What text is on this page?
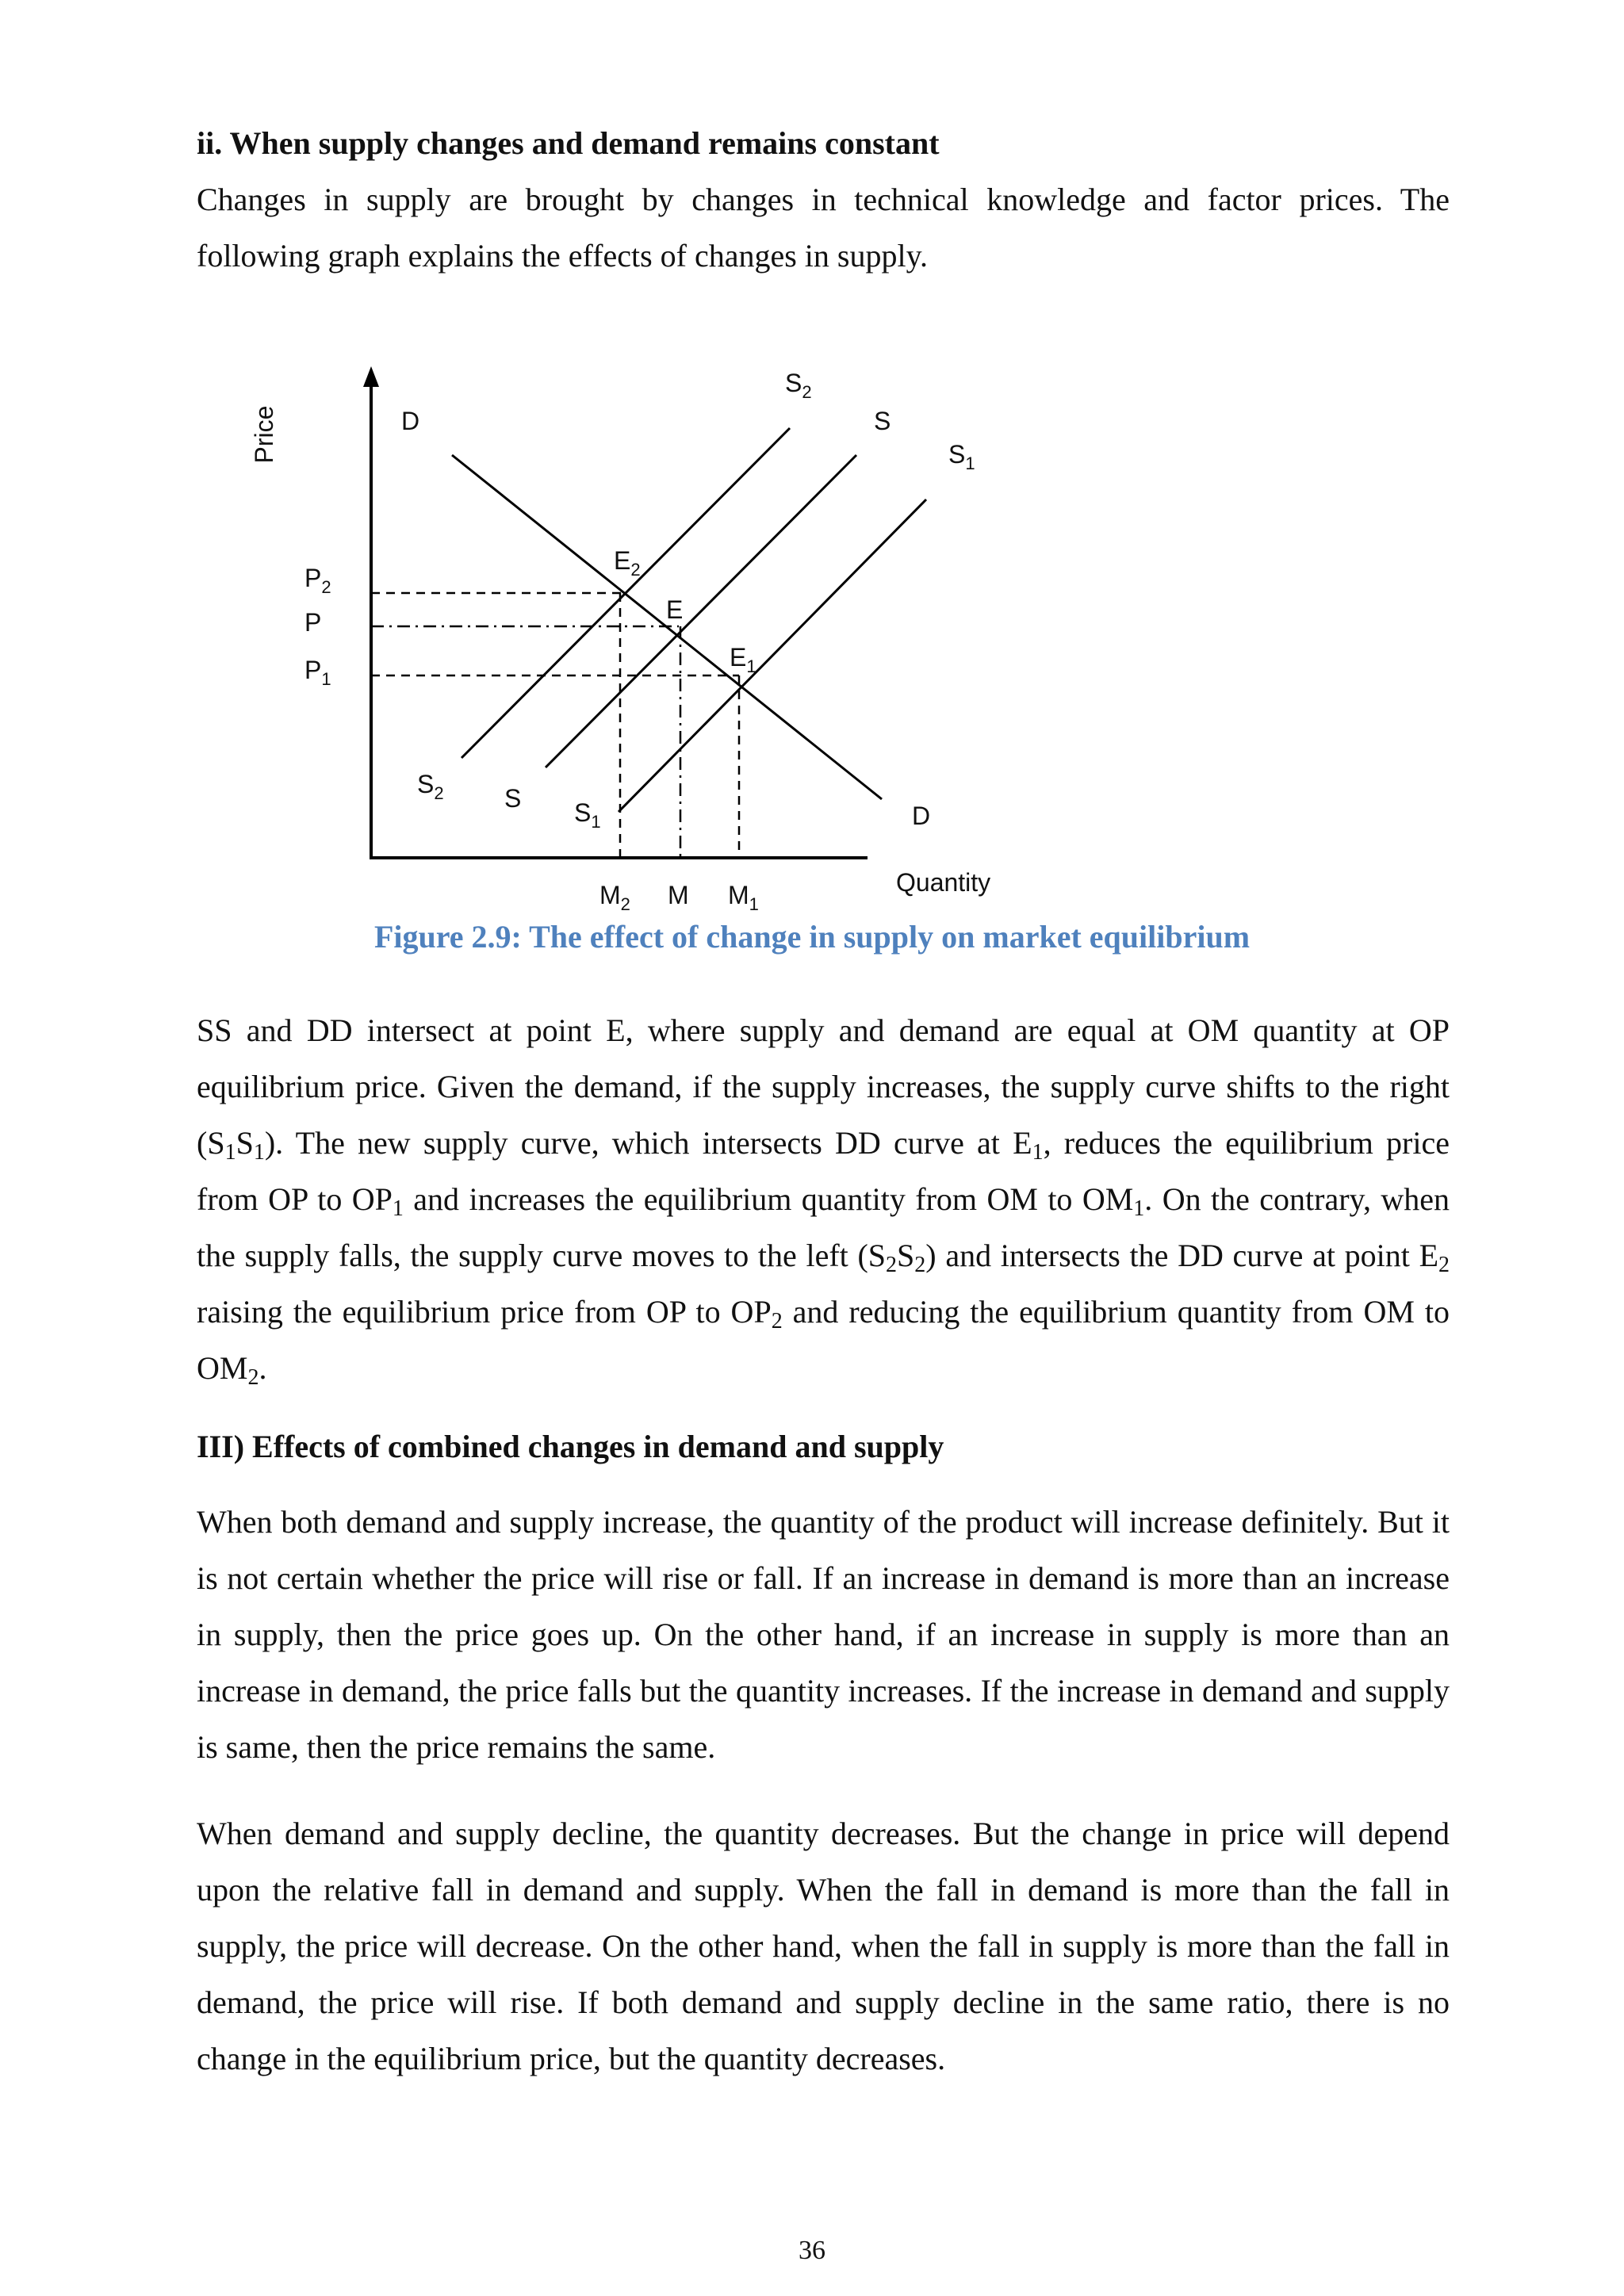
ii. When supply changes and demand remains constant

Changes in supply are brought by changes in technical knowledge and factor prices. The following graph explains the effects of changes in supply.

Price
Quantity
D
D
$S_2$
S
$S_1$
$S_2$ S $S_1$
$E_2$
E
$E_1$
$P_2$
P
$P_1$
$M_2$ M $M_1$
Figure 2.9: The effect of change in supply on market equilibrium

SS and DD intersect at point E, where supply and demand are equal at OM quantity at OP equilibrium price. Given the demand, if the supply increases, the supply curve shifts to the right $(S_1S_1)$. The new supply curve, which intersects DD curve at $E_1$, reduces the equilibrium price from OP to $OP_1$ and increases the equilibrium quantity from OM to $OM_1$. On the contrary, when the supply falls, the supply curve moves to the left $(S_2S_2)$ and intersects the DD curve at point $E_2$ raising the equilibrium price from OP to $OP_2$ and reducing the equilibrium quantity from OM to $OM_2$.

III) Effects of combined changes in demand and supply

When both demand and supply increase, the quantity of the product will increase definitely. But it is not certain whether the price will rise or fall. If an increase in demand is more than an increase in supply, then the price goes up. On the other hand, if an increase in supply is more than an increase in demand, the price falls but the quantity increases. If the increase in demand and supply is same, then the price remains the same.

When demand and supply decline, the quantity decreases. But the change in price will depend upon the relative fall in demand and supply. When the fall in demand is more than the fall in supply, the price will decrease. On the other hand, when the fall in supply is more than the fall in demand, the price will rise. If both demand and supply decline in the same ratio, there is no change in the equilibrium price, but the quantity decreases.

36
